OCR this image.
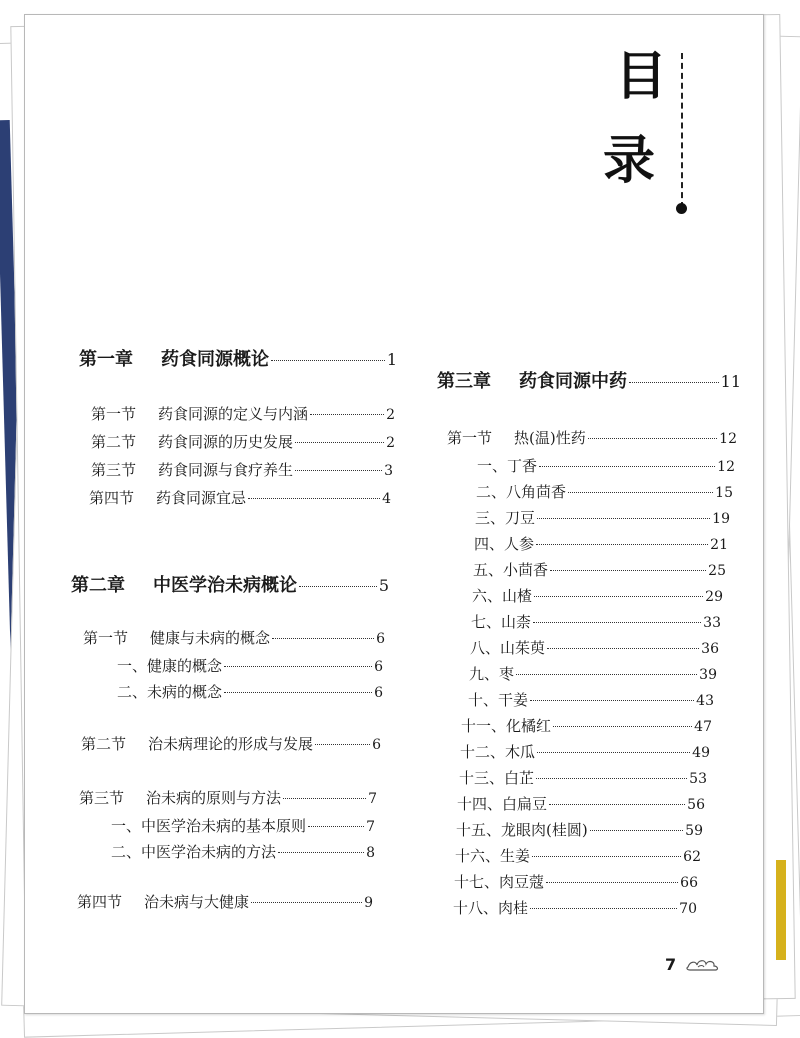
目
录
第一章 药食同源概论	1
第一节 药食同源的定义与内涵	2
第二节 药食同源的历史发展	2
第三节 药食同源与食疗养生	3
第四节 药食同源宜忌	4
第二章 中医学治未病概论	5
第一节 健康与未病的概念	6
一、健康的概念	6
二、未病的概念	6
第二节 治未病理论的形成与发展	6
第三节 治未病的原则与方法	7
一、中医学治未病的基本原则	7
二、中医学治未病的方法	8
第四节 治未病与大健康	9
第三章 药食同源中药	11
第一节 热(温)性药	12
一、丁香	12
二、八角茴香	15
三、刀豆	19
四、人参	21
五、小茴香	25
六、山楂	29
七、山柰	33
八、山茱萸	36
九、枣	39
十、干姜	43
十一、化橘红	47
十二、木瓜	49
十三、白芷	53
十四、白扁豆	56
十五、龙眼肉(桂圆)	59
十六、生姜	62
十七、肉豆蔻	66
十八、肉桂	70
7
